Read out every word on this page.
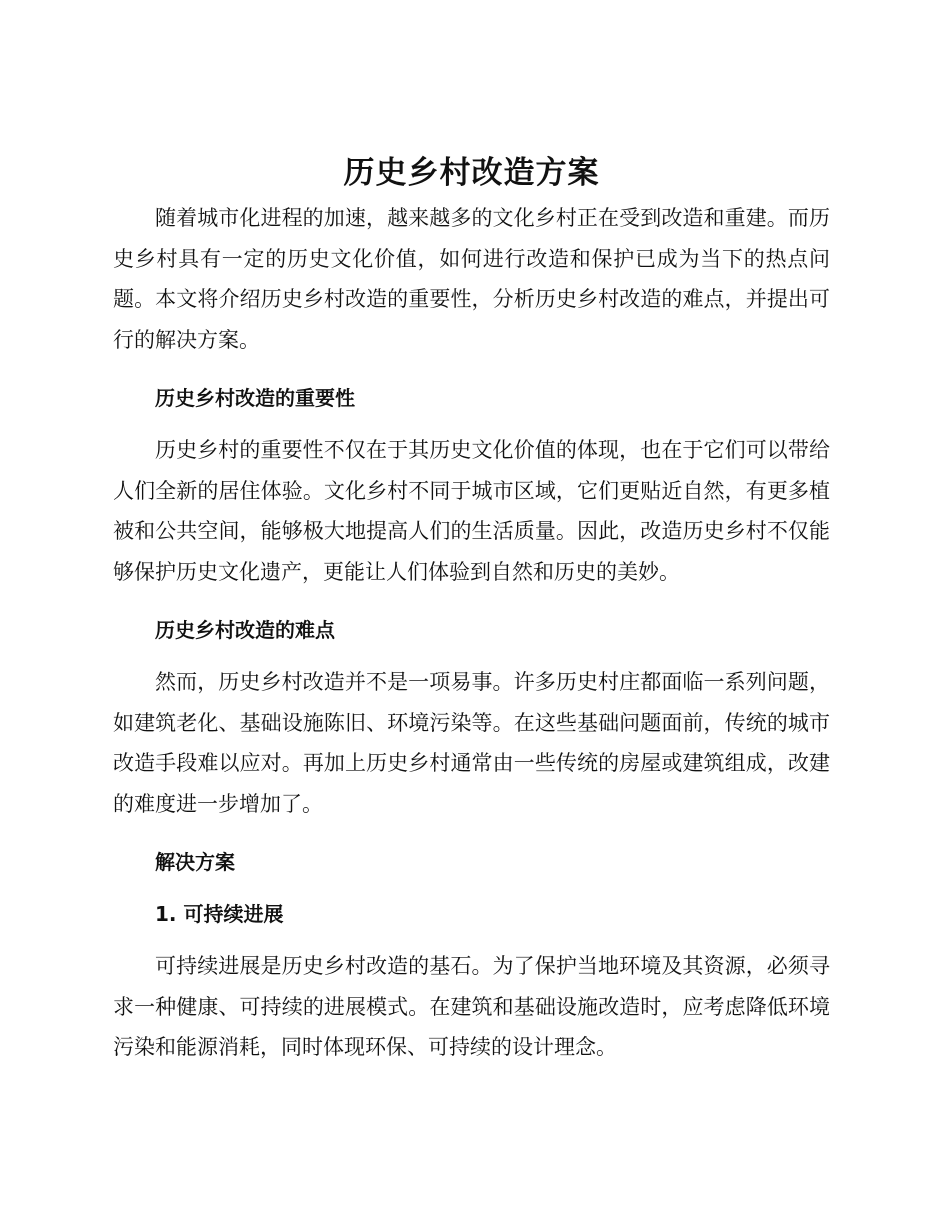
历史乡村改造方案

随着城市化进程的加速，越来越多的文化乡村正在受到改造和重建。而历史乡村具有一定的历史文化价值，如何进行改造和保护已成为当下的热点问题。本文将介绍历史乡村改造的重要性，分析历史乡村改造的难点，并提出可行的解决方案。

历史乡村改造的重要性

历史乡村的重要性不仅在于其历史文化价值的体现，也在于它们可以带给人们全新的居住体验。文化乡村不同于城市区域，它们更贴近自然，有更多植被和公共空间，能够极大地提高人们的生活质量。因此，改造历史乡村不仅能够保护历史文化遗产，更能让人们体验到自然和历史的美妙。

历史乡村改造的难点

然而，历史乡村改造并不是一项易事。许多历史村庄都面临一系列问题，如建筑老化、基础设施陈旧、环境污染等。在这些基础问题面前，传统的城市改造手段难以应对。再加上历史乡村通常由一些传统的房屋或建筑组成，改建的难度进一步增加了。

解决方案
1. 可持续进展

可持续进展是历史乡村改造的基石。为了保护当地环境及其资源，必须寻求一种健康、可持续的进展模式。在建筑和基础设施改造时，应考虑降低环境污染和能源消耗，同时体现环保、可持续的设计理念。
